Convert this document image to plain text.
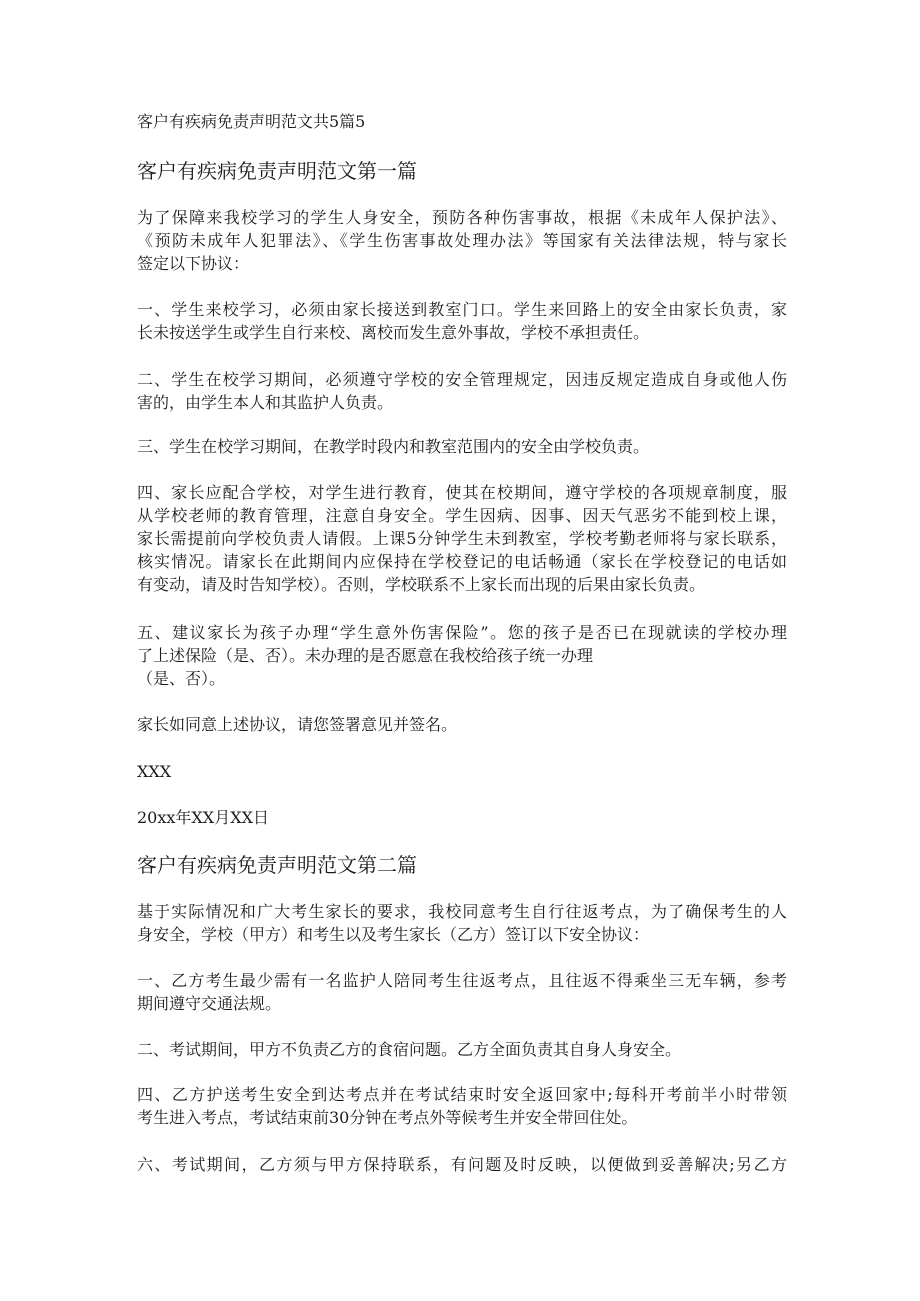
客户有疾病免责声明范文共5篇5
客户有疾病免责声明范文第一篇
为了保障来我校学习的学生人身安全，预防各种伤害事故，根据《未成年人保护法》、
《预防未成年人犯罪法》、《学生伤害事故处理办法》等国家有关法律法规，特与家长
签定以下协议：
一、学生来校学习，必须由家长接送到教室门口。学生来回路上的安全由家长负责，家
长未按送学生或学生自行来校、离校而发生意外事故，学校不承担责任。
二、学生在校学习期间，必须遵守学校的安全管理规定，因违反规定造成自身或他人伤
害的，由学生本人和其监护人负责。
三、学生在校学习期间，在教学时段内和教室范围内的安全由学校负责。
四、家长应配合学校，对学生进行教育，使其在校期间，遵守学校的各项规章制度，服
从学校老师的教育管理，注意自身安全。学生因病、因事、因天气恶劣不能到校上课，
家长需提前向学校负责人请假。上课5分钟学生未到教室，学校考勤老师将与家长联系，
核实情况。请家长在此期间内应保持在学校登记的电话畅通（家长在学校登记的电话如
有变动，请及时告知学校）。否则，学校联系不上家长而出现的后果由家长负责。
五、建议家长为孩子办理“学生意外伤害保险”。您的孩子是否已在现就读的学校办理
了上述保险（是、否）。未办理的是否愿意在我校给孩子统一办理
（是、否）。
家长如同意上述协议，请您签署意见并签名。
XXX
20xx年XX月XX日
客户有疾病免责声明范文第二篇
基于实际情况和广大考生家长的要求，我校同意考生自行往返考点，为了确保考生的人
身安全，学校（甲方）和考生以及考生家长（乙方）签订以下安全协议：
一、乙方考生最少需有一名监护人陪同考生往返考点，且往返不得乘坐三无车辆，参考
期间遵守交通法规。
二、考试期间，甲方不负责乙方的食宿问题。乙方全面负责其自身人身安全。
四、乙方护送考生安全到达考点并在考试结束时安全返回家中;每科开考前半小时带领
考生进入考点，考试结束前30分钟在考点外等候考生并安全带回住处。
六、考试期间，乙方须与甲方保持联系，有问题及时反映，以便做到妥善解决;另乙方
